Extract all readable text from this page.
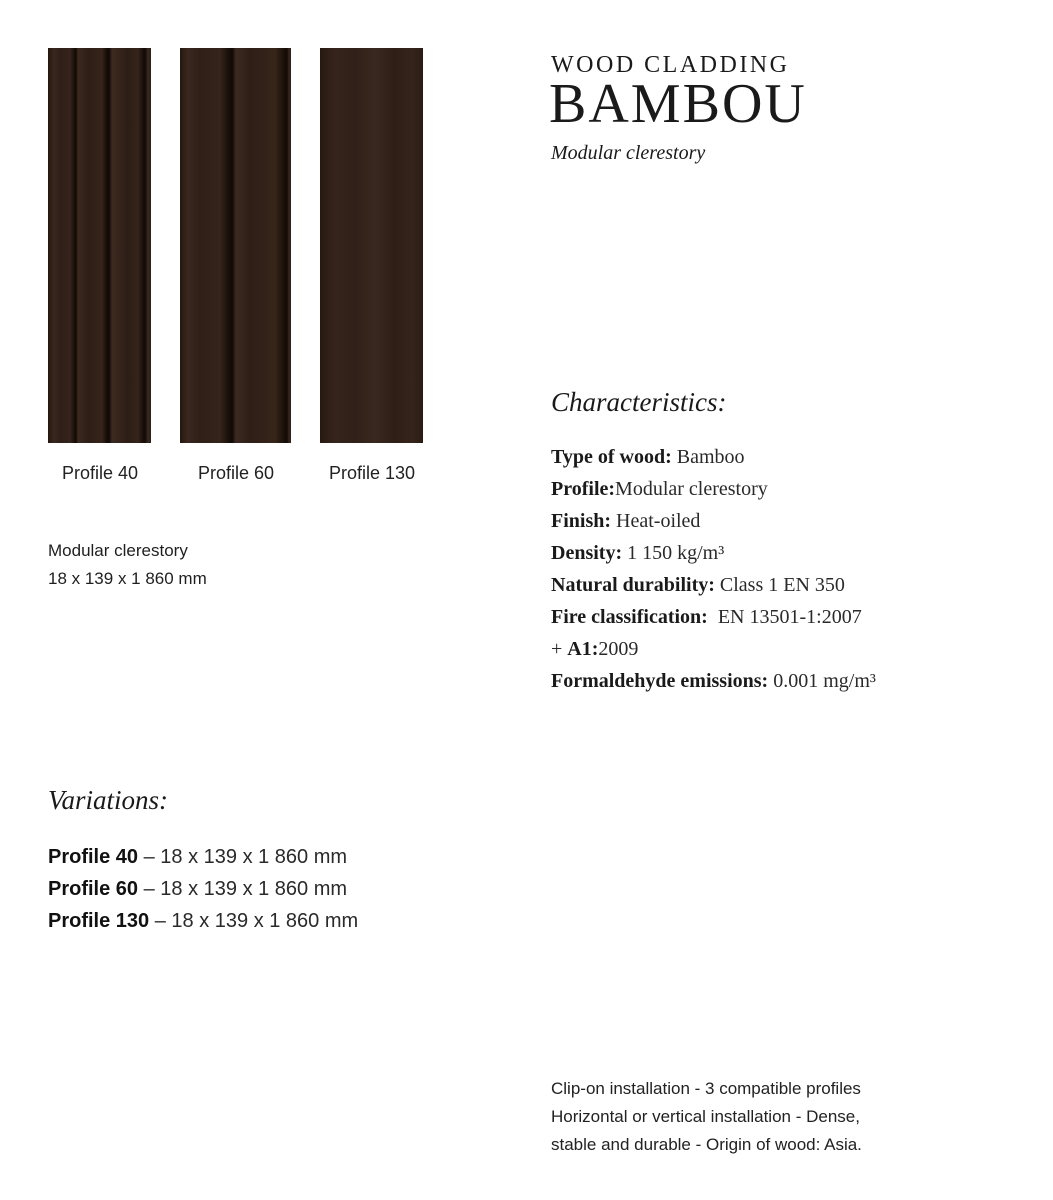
Profile 40	Profile 60	Profile 130
Modular clerestory
18 x 139 x 1 860 mm
WOOD CLADDING
BAMBOU
Modular clerestory
Characteristics:
Type of wood: Bamboo
Profile:Modular clerestory
Finish: Heat-oiled
Density: 1 150 kg/m³
Natural durability: Class 1 EN 350
Fire classification:  EN 13501-1:2007
+ A1:2009
Formaldehyde emissions: 0.001 mg/m³
Variations:
Profile 40 – 18 x 139 x 1 860 mm
Profile 60 – 18 x 139 x 1 860 mm
Profile 130 – 18 x 139 x 1 860 mm
Clip-on installation - 3 compatible profiles
Horizontal or vertical installation - Dense,
stable and durable - Origin of wood: Asia.
